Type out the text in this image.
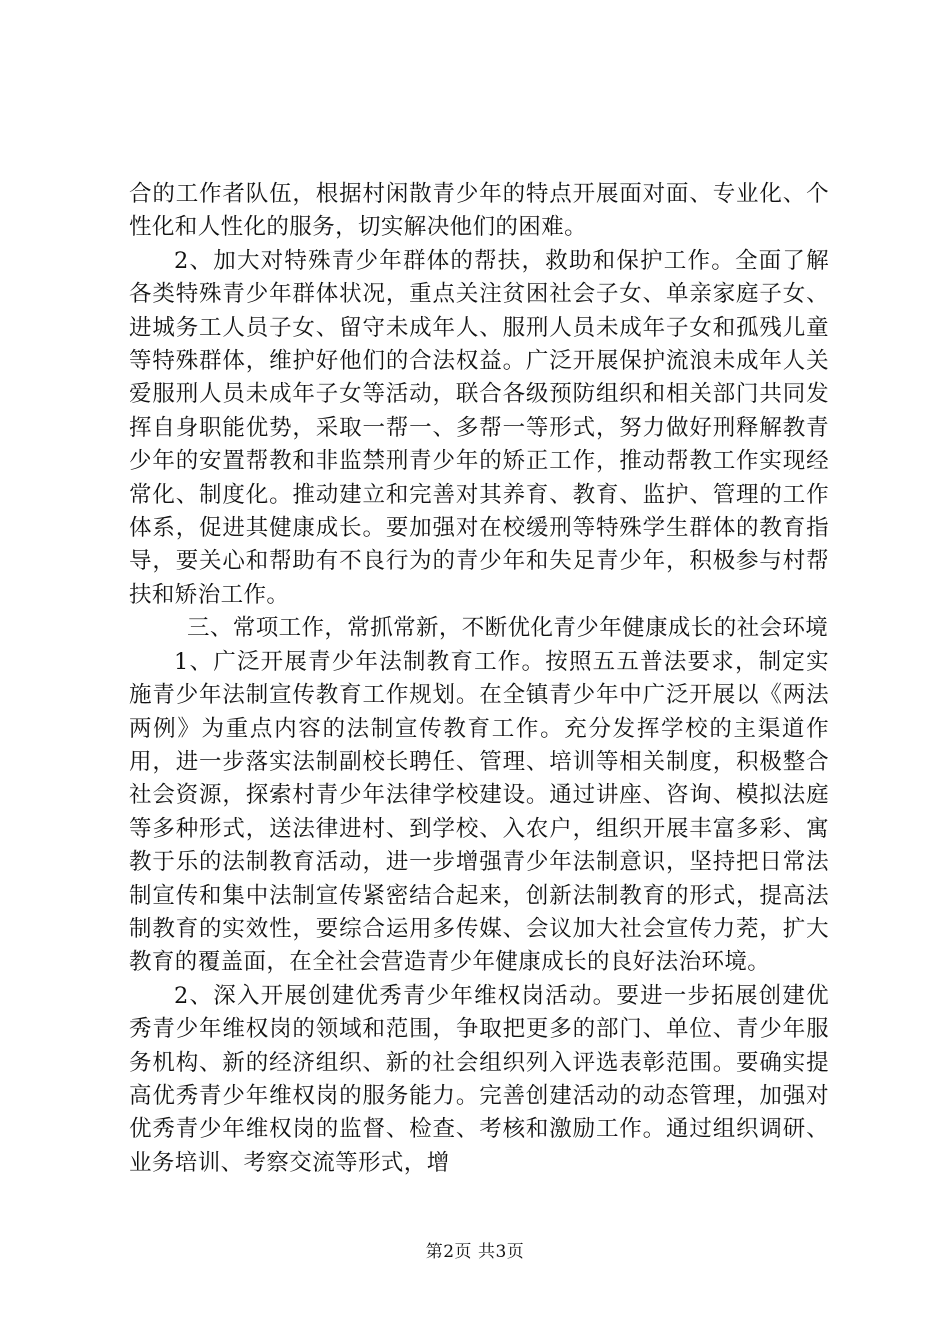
合的工作者队伍，根据村闲散青少年的特点开展面对面、专业化、个性化和人性化的服务，切实解决他们的困难。

2、加大对特殊青少年群体的帮扶，救助和保护工作。全面了解各类特殊青少年群体状况，重点关注贫困社会子女、单亲家庭子女、进城务工人员子女、留守未成年人、服刑人员未成年子女和孤残儿童等特殊群体，维护好他们的合法权益。广泛开展保护流浪未成年人关爱服刑人员未成年子女等活动，联合各级预防组织和相关部门共同发挥自身职能优势，采取一帮一、多帮一等形式，努力做好刑释解教青少年的安置帮教和非监禁刑青少年的矫正工作，推动帮教工作实现经常化、制度化。推动建立和完善对其养育、教育、监护、管理的工作体系，促进其健康成长。要加强对在校缓刑等特殊学生群体的教育指导，要关心和帮助有不良行为的青少年和失足青少年，积极参与村帮扶和矫治工作。

三、常项工作，常抓常新，不断优化青少年健康成长的社会环境

1、广泛开展青少年法制教育工作。按照五五普法要求，制定实施青少年法制宣传教育工作规划。在全镇青少年中广泛开展以《两法两例》为重点内容的法制宣传教育工作。充分发挥学校的主渠道作用，进一步落实法制副校长聘任、管理、培训等相关制度，积极整合社会资源，探索村青少年法律学校建设。通过讲座、咨询、模拟法庭等多种形式，送法律进村、到学校、入农户，组织开展丰富多彩、寓教于乐的法制教育活动，进一步增强青少年法制意识，坚持把日常法制宣传和集中法制宣传紧密结合起来，创新法制教育的形式，提高法制教育的实效性，要综合运用多传媒、会议加大社会宣传力茺，扩大教育的覆盖面，在全社会营造青少年健康成长的良好法治环境。

2、深入开展创建优秀青少年维权岗活动。要进一步拓展创建优秀青少年维权岗的领域和范围，争取把更多的部门、单位、青少年服务机构、新的经济组织、新的社会组织列入评选表彰范围。要确实提高优秀青少年维权岗的服务能力。完善创建活动的动态管理，加强对优秀青少年维权岗的监督、检查、考核和激励工作。通过组织调研、业务培训、考察交流等形式，增

第2页 共3页
